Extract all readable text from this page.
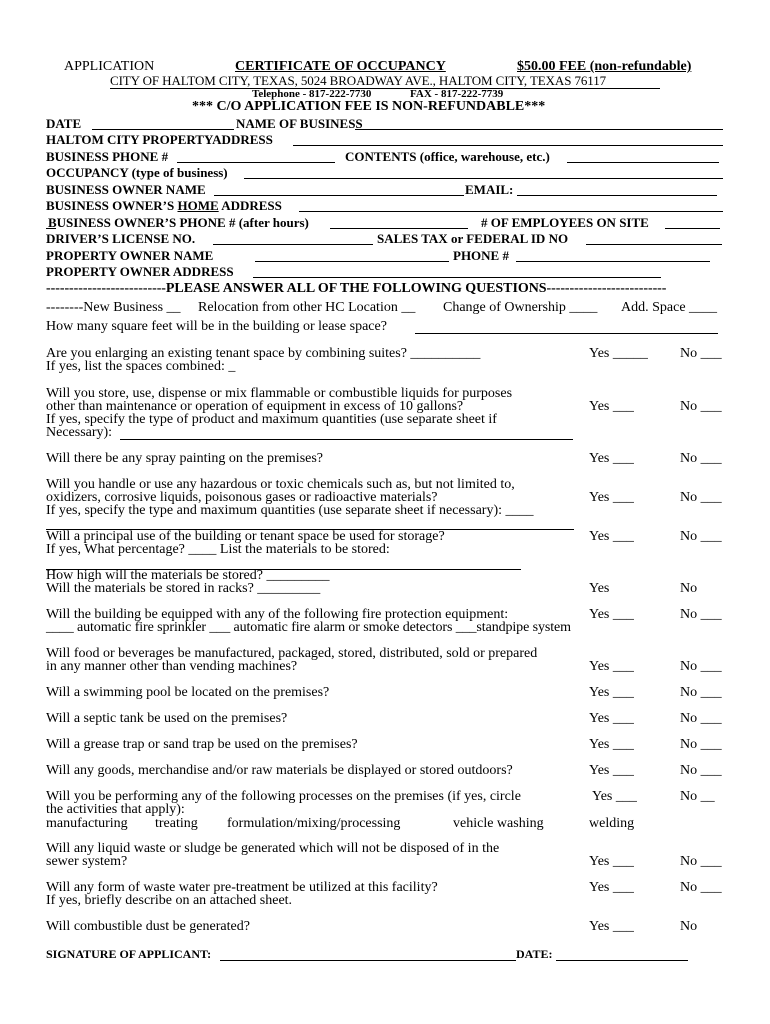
APPLICATION	CERTIFICATE OF OCCUPANCY	$50.00 FEE (non-refundable)
CITY OF HALTOM CITY, TEXAS, 5024 BROADWAY AVE., HALTOM CITY, TEXAS 76117
Telephone - 817-222-7730	FAX - 817-222-7739
*** C/O APPLICATION FEE IS NON-REFUNDABLE***
DATE	NAME OF BUSINESS
HALTOM CITY PROPERTYADDRESS
BUSINESS PHONE #	CONTENTS (office, warehouse, etc.)
OCCUPANCY (type of business)
BUSINESS OWNER NAME	EMAIL:
BUSINESS OWNER’S HOME ADDRESS
BUSINESS OWNER’S PHONE # (after hours)	# OF EMPLOYEES ON SITE
DRIVER’S LICENSE NO.	SALES TAX or FEDERAL ID NO
PROPERTY OWNER NAME	PHONE #
PROPERTY OWNER ADDRESS
--------------------------PLEASE ANSWER ALL OF THE FOLLOWING QUESTIONS--------------------------
--------New Business __ Relocation from other HC Location __ Change of Ownership ____ Add. Space ____
How many square feet will be in the building or lease space?
Are you enlarging an existing tenant space by combining suites? __________
If yes, list the spaces combined: _
Yes _____ No ___
Will you store, use, dispense or mix flammable or combustible liquids for purposes
other than maintenance or operation of equipment in excess of 10 gallons?
If yes, specify the type of product and maximum quantities (use separate sheet if
Necessary):
Yes ___	No ___
Will there be any spray painting on the premises?	Yes ___	No ___
Will you handle or use any hazardous or toxic chemicals such as, but not limited to,
oxidizers, corrosive liquids, poisonous gases or radioactive materials?
If yes, specify the type and maximum quantities (use separate sheet if necessary): ____
Yes ___	No ___
Will a principal use of the building or tenant space be used for storage?
If yes, What percentage? ____ List the materials to be stored:
Yes ___	No ___
How high will the materials be stored? _________
Will the materials be stored in racks? _________	Yes	No
Will the building be equipped with any of the following fire protection equipment:
____ automatic fire sprinkler ___ automatic fire alarm or smoke detectors ___standpipe system
Yes ___	No ___
Will food or beverages be manufactured, packaged, stored, distributed, sold or prepared
in any manner other than vending machines?	Yes ___	No ___
Will a swimming pool be located on the premises?	Yes ___	No ___
Will a septic tank be used on the premises?	Yes ___	No ___
Will a grease trap or sand trap be used on the premises?	Yes ___	No ___
Will any goods, merchandise and/or raw materials be displayed or stored outdoors?	Yes ___	No ___
Will you be performing any of the following processes on the premises (if yes, circle
the activities that apply):
Yes ___	No __
manufacturing treating formulation/mixing/processing	vehicle washing	welding
Will any liquid waste or sludge be generated which will not be disposed of in the
sewer system?	Yes ___	No ___
Will any form of waste water pre-treatment be utilized at this facility?
If yes, briefly describe on an attached sheet.
Yes ___	No ___
Will combustible dust be generated?	Yes ___	No
SIGNATURE OF APPLICANT:	DATE:
